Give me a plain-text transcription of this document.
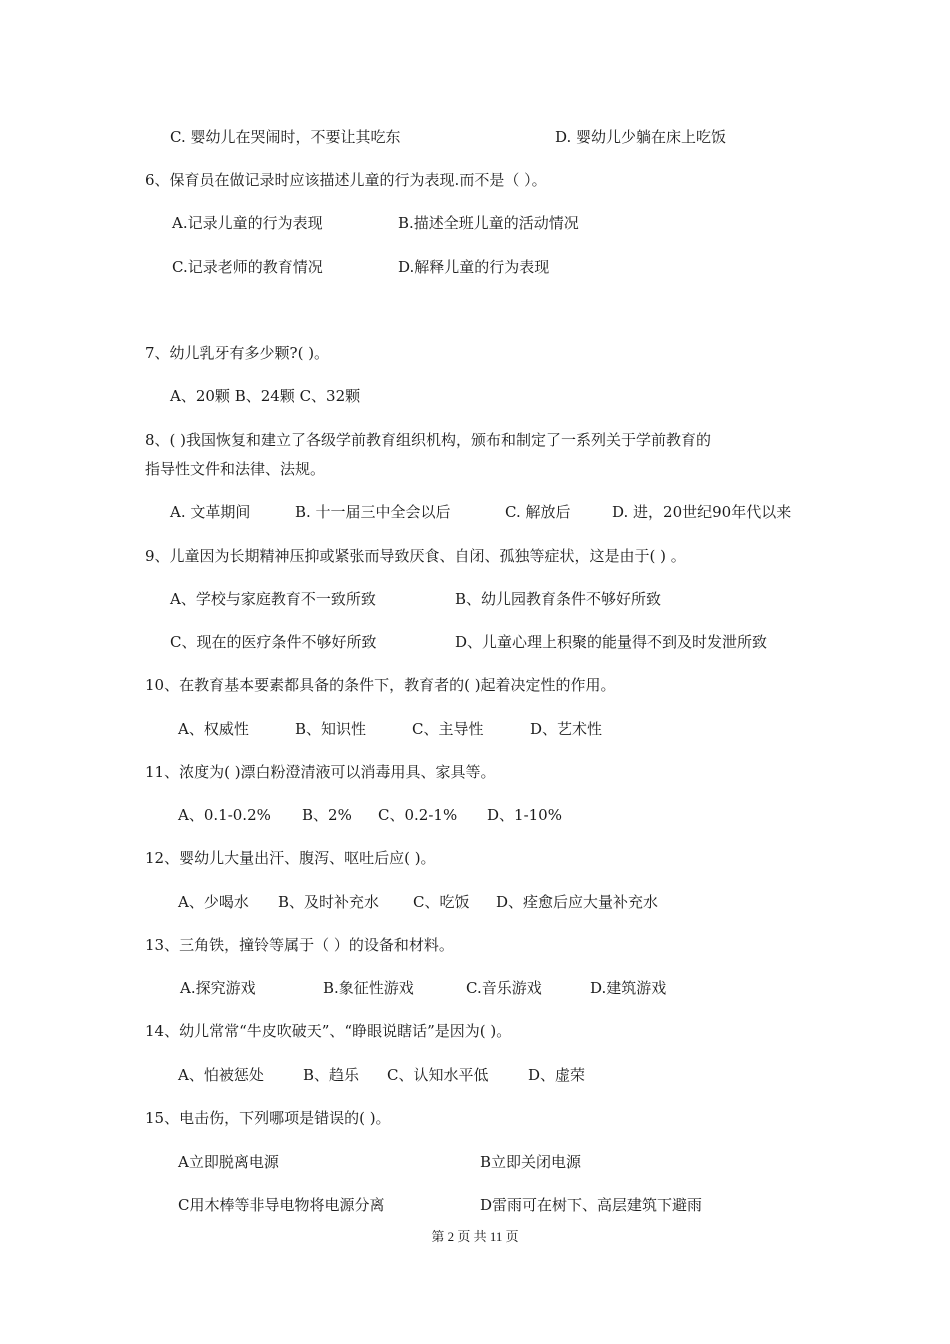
C. 婴幼儿在哭闹时，不要让其吃东	D. 婴幼儿少躺在床上吃饭
6、保育员在做记录时应该描述儿童的行为表现.而不是（ ）。
A.记录儿童的行为表现	B.描述全班儿童的活动情况
C.记录老师的教育情况	D.解释儿童的行为表现
7、幼儿乳牙有多少颗?( )。
A、20颗 B、24颗 C、32颗
8、( )我国恢复和建立了各级学前教育组织机构，颁布和制定了一系列关于学前教育的
指导性文件和法律、法规。
A. 文革期间	B. 十一届三中全会以后	C. 解放后	D. 进，20世纪90年代以来
9、儿童因为长期精神压抑或紧张而导致厌食、自闭、孤独等症状，这是由于( ) 。
A、学校与家庭教育不一致所致	B、幼儿园教育条件不够好所致
C、现在的医疗条件不够好所致	D、儿童心理上积聚的能量得不到及时发泄所致
10、在教育基本要素都具备的条件下，教育者的( )起着决定性的作用。
A、权威性	B、知识性	C、主导性	D、艺术性
11、浓度为( )漂白粉澄清液可以消毒用具、家具等。
A、0.1-0.2% B、2% C、0.2-1% D、1-10%
12、婴幼儿大量出汗、腹泻、呕吐后应( )。
A、少喝水 B、及时补充水 C、吃饭 D、痊愈后应大量补充水
13、三角铁，撞铃等属于（ ）的设备和材料。
A.探究游戏	B.象征性游戏	C.音乐游戏	D.建筑游戏
14、幼儿常常“牛皮吹破天”、“睁眼说瞎话”是因为( )。
A、怕被惩处	B、趋乐 C、认知水平低	D、虚荣
15、电击伤，下列哪项是错误的( )。
A立即脱离电源	B立即关闭电源
C用木棒等非导电物将电源分离	D雷雨可在树下、高层建筑下避雨
第 2 页 共 11 页
